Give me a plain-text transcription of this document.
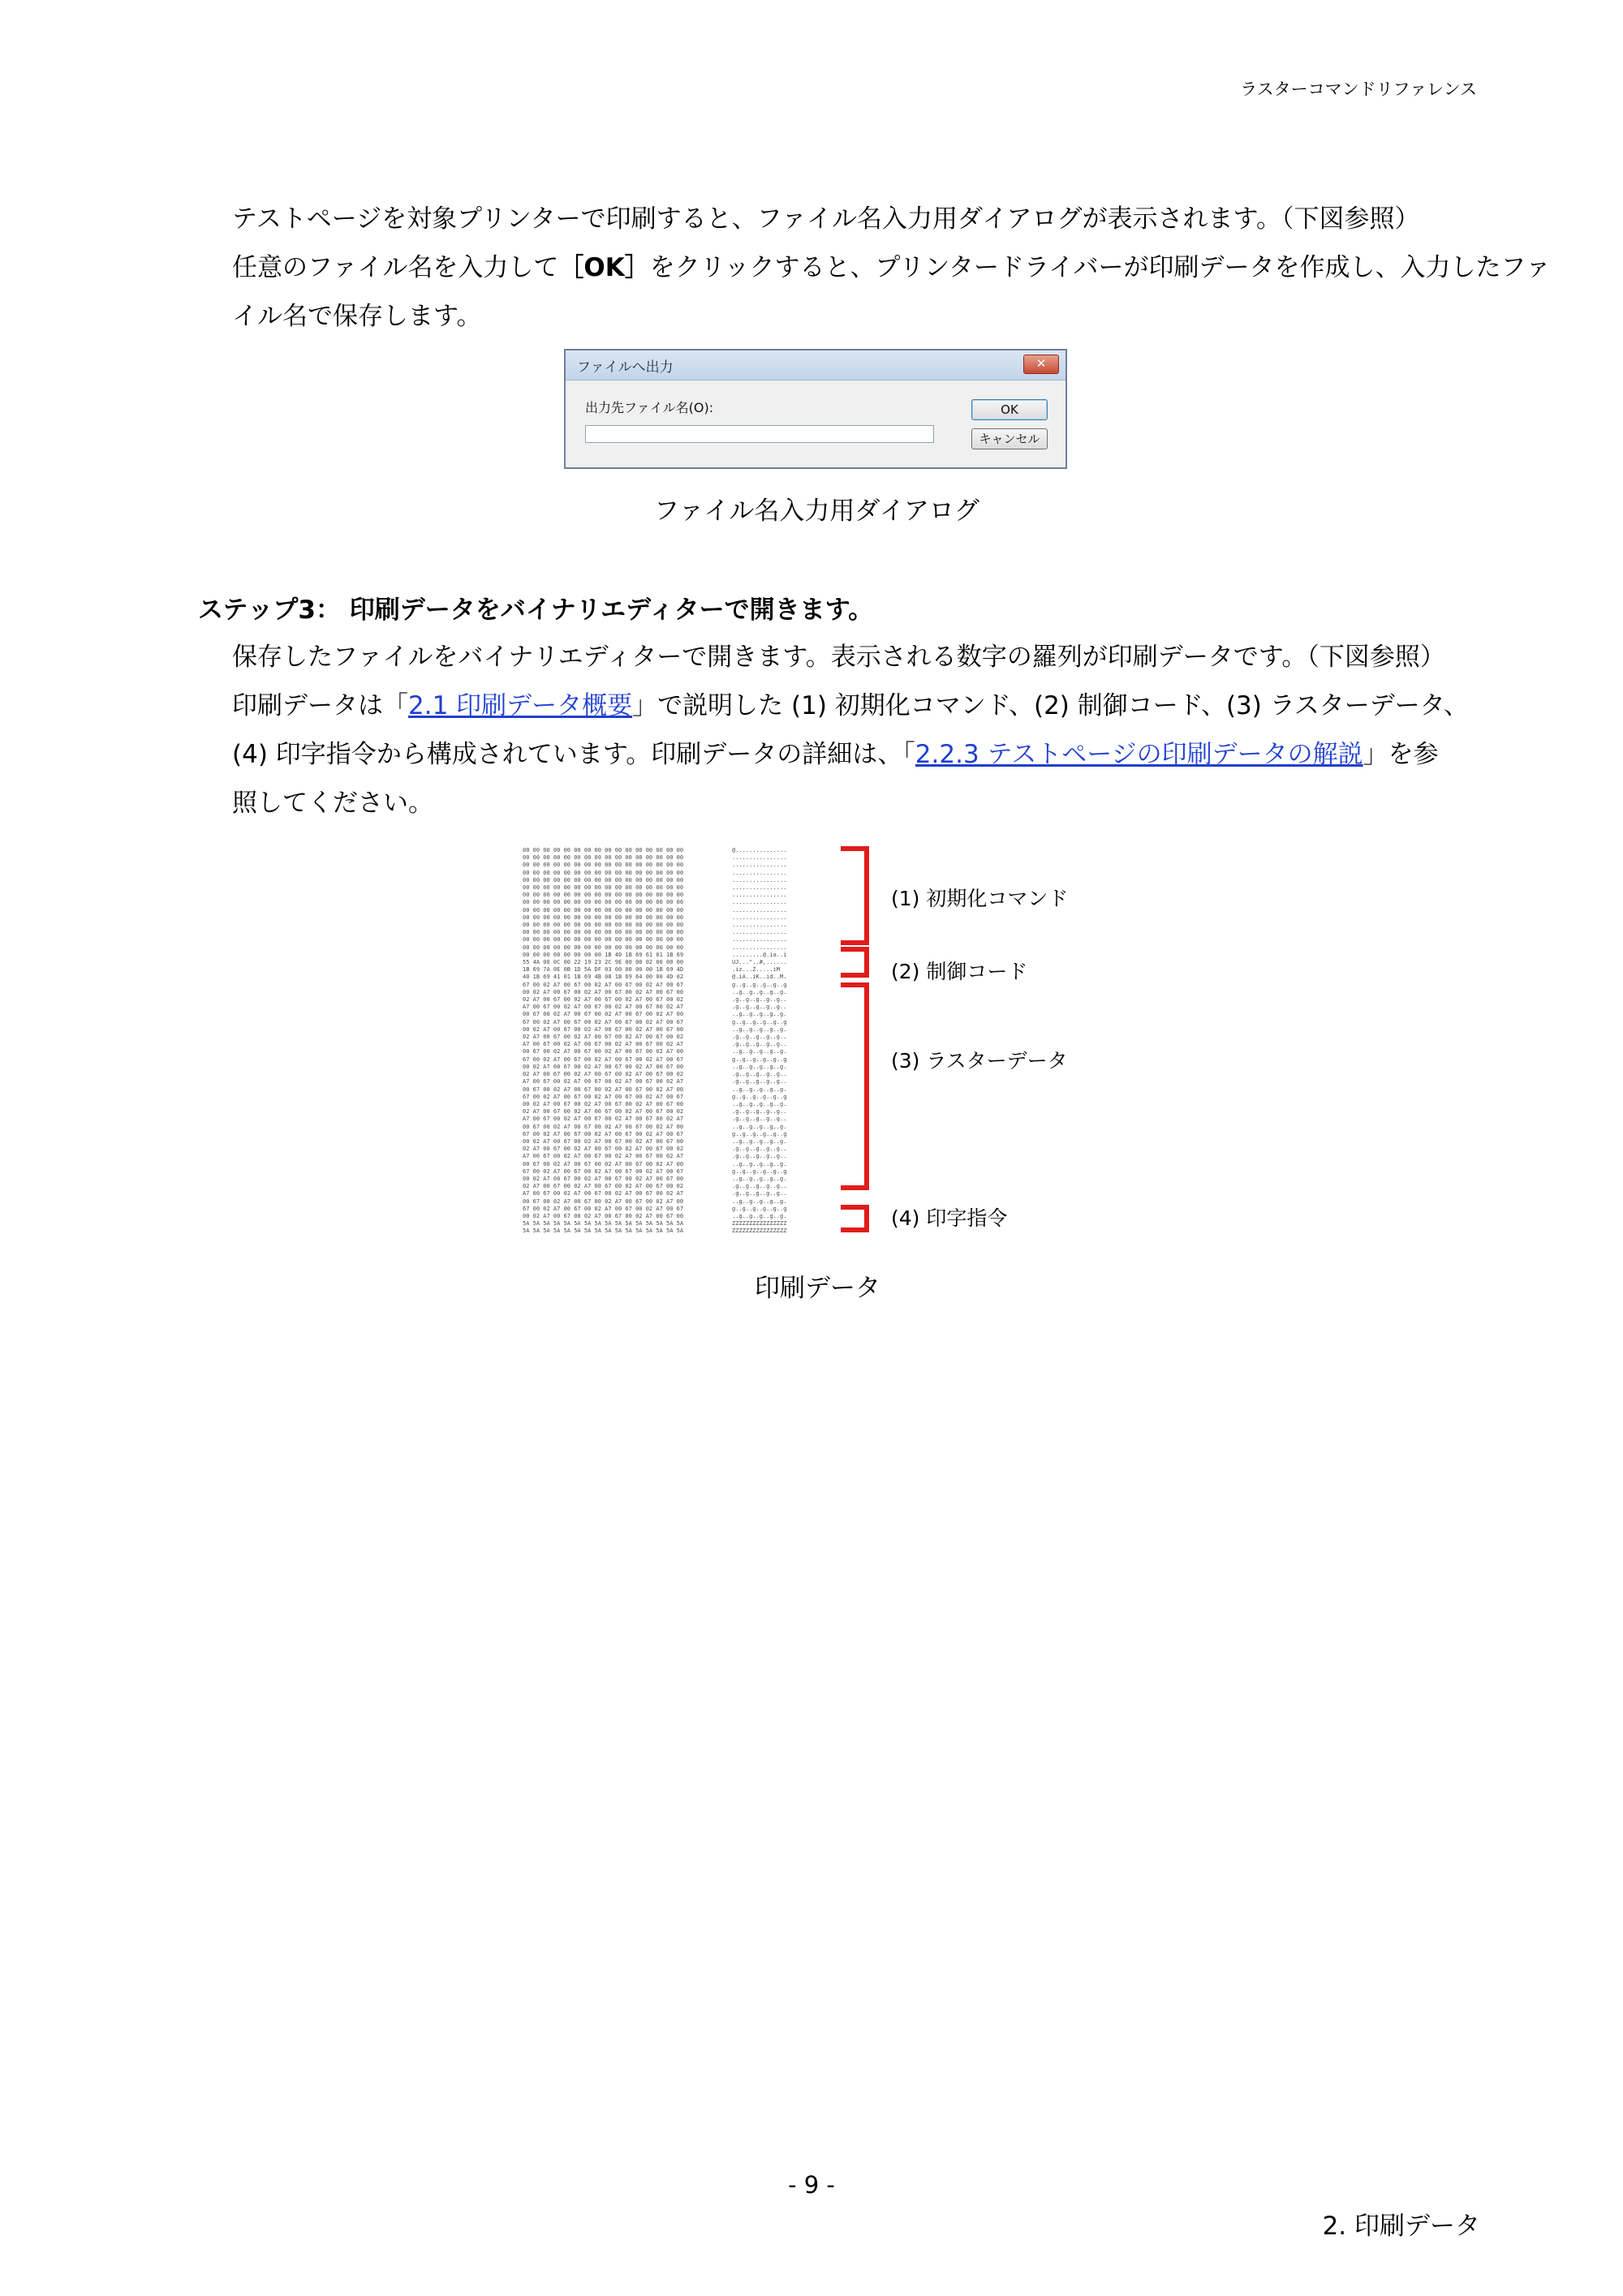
ラスターコマンドリファレンス

テストページを対象プリンターで印刷すると、ファイル名入力用ダイアログが表示されます。（下図参照）

任意のファイル名を入力して［OK］をクリックすると、プリンタードライバーが印刷データを作成し、入力したファ

イル名で保存します。

ファイルへ出力	✕
出力先ファイル名(O):	OK
キャンセル
ファイル名入力用ダイアログ
ステップ3： 印刷データをバイナリエディターで開きます。

保存したファイルをバイナリエディターで開きます。表示される数字の羅列が印刷データです。（下図参照）

印刷データは「2.1 印刷データ概要」で説明した (1) 初期化コマンド、(2) 制御コード、(3) ラスターデータ、

(4) 印字指令から構成されています。印刷データの詳細は、「2.2.3 テストページの印刷データの解説」を参

照してください。

00 00 00 00 00 00 00 00 00 00 00 00 00 00 00 00
00 00 00 00 00 00 00 00 00 00 00 00 00 00 00 00
00 00 00 00 00 00 00 00 00 00 00 00 00 00 00 00
00 00 00 00 00 00 00 00 00 00 00 00 00 00 00 00
00 00 00 00 00 00 00 00 00 00 00 00 00 00 00 00
00 00 00 00 00 00 00 00 00 00 00 00 00 00 00 00
00 00 00 00 00 00 00 00 00 00 00 00 00 00 00 00
00 00 00 00 00 00 00 00 00 00 00 00 00 00 00 00
00 00 00 00 00 00 00 00 00 00 00 00 00 00 00 00
00 00 00 00 00 00 00 00 00 00 00 00 00 00 00 00
00 00 00 00 00 00 00 00 00 00 00 00 00 00 00 00
00 00 00 00 00 00 00 00 00 00 00 00 00 00 00 00
00 00 00 00 00 00 00 00 00 00 00 00 00 00 00 00
00 00 00 00 00 00 00 00 00 00 00 00 00 00 00 00
00 00 00 00 00 00 00 00 1B 40 1B 69 61 01 1B 69
55 4A 00 0C 00 22 19 23 2C 9E 00 00 02 00 00 00
1B 69 7A 0E 0B 1D 5A DF 03 00 00 00 00 1B 69 4D
40 1B 69 41 01 1B 69 4B 08 1B 69 64 00 00 4D 02
67 00 02 A7 00 67 00 02 A7 00 67 00 02 A7 00 67
00 02 A7 00 67 00 02 A7 00 67 00 02 A7 00 67 00
02 A7 00 67 00 02 A7 00 67 00 02 A7 00 67 00 02
A7 00 67 00 02 A7 00 67 00 02 A7 00 67 00 02 A7
00 67 00 02 A7 00 67 00 02 A7 00 67 00 02 A7 00
67 00 02 A7 00 67 00 02 A7 00 67 00 02 A7 00 67
00 02 A7 00 67 00 02 A7 00 67 00 02 A7 00 67 00
02 A7 00 67 00 02 A7 00 67 00 02 A7 00 67 00 02
A7 00 67 00 02 A7 00 67 00 02 A7 00 67 00 02 A7
00 67 00 02 A7 00 67 00 02 A7 00 67 00 02 A7 00
67 00 02 A7 00 67 00 02 A7 00 67 00 02 A7 00 67
00 02 A7 00 67 00 02 A7 00 67 00 02 A7 00 67 00
02 A7 00 67 00 02 A7 00 67 00 02 A7 00 67 00 02
A7 00 67 00 02 A7 00 67 00 02 A7 00 67 00 02 A7
00 67 00 02 A7 00 67 00 02 A7 00 67 00 02 A7 00
67 00 02 A7 00 67 00 02 A7 00 67 00 02 A7 00 67
00 02 A7 00 67 00 02 A7 00 67 00 02 A7 00 67 00
02 A7 00 67 00 02 A7 00 67 00 02 A7 00 67 00 02
A7 00 67 00 02 A7 00 67 00 02 A7 00 67 00 02 A7
00 67 00 02 A7 00 67 00 02 A7 00 67 00 02 A7 00
67 00 02 A7 00 67 00 02 A7 00 67 00 02 A7 00 67
00 02 A7 00 67 00 02 A7 00 67 00 02 A7 00 67 00
02 A7 00 67 00 02 A7 00 67 00 02 A7 00 67 00 02
A7 00 67 00 02 A7 00 67 00 02 A7 00 67 00 02 A7
00 67 00 02 A7 00 67 00 02 A7 00 67 00 02 A7 00
67 00 02 A7 00 67 00 02 A7 00 67 00 02 A7 00 67
00 02 A7 00 67 00 02 A7 00 67 00 02 A7 00 67 00
02 A7 00 67 00 02 A7 00 67 00 02 A7 00 67 00 02
A7 00 67 00 02 A7 00 67 00 02 A7 00 67 00 02 A7
00 67 00 02 A7 00 67 00 02 A7 00 67 00 02 A7 00
67 00 02 A7 00 67 00 02 A7 00 67 00 02 A7 00 67
00 02 A7 00 67 00 02 A7 00 67 00 02 A7 00 67 00
5A 5A 5A 5A 5A 5A 5A 5A 5A 5A 5A 5A 5A 5A 5A 5A
5A 5A 5A 5A 5A 5A 5A 5A 5A 5A 5A 5A 5A 5A 5A 5A
@...............
................
................
................
................
................
................
................
................
................
................
................
................
................
.........@.ia..i
UJ..."..#,......
.iz...Z.....iM
@.iA..iK..id..M.
g..g..g..g..g..g
..g..g..g..g..g.
.g..g..g..g..g..
.g..g..g..g..g..
..g..g..g..g..g.
g..g..g..g..g..g
..g..g..g..g..g.
.g..g..g..g..g..
.g..g..g..g..g..
..g..g..g..g..g.
g..g..g..g..g..g
..g..g..g..g..g.
.g..g..g..g..g..
.g..g..g..g..g..
..g..g..g..g..g.
g..g..g..g..g..g
..g..g..g..g..g.
.g..g..g..g..g..
.g..g..g..g..g..
..g..g..g..g..g.
g..g..g..g..g..g
..g..g..g..g..g.
.g..g..g..g..g..
.g..g..g..g..g..
..g..g..g..g..g.
g..g..g..g..g..g
..g..g..g..g..g.
.g..g..g..g..g..
.g..g..g..g..g..
..g..g..g..g..g.
g..g..g..g..g..g
..g..g..g..g..g.
ZZZZZZZZZZZZZZZZ
ZZZZZZZZZZZZZZZZ
(1) 初期化コマンド
(2) 制御コード
(3) ラスターデータ
(4) 印字指令
印刷データ
- 9 -
2. 印刷データ
